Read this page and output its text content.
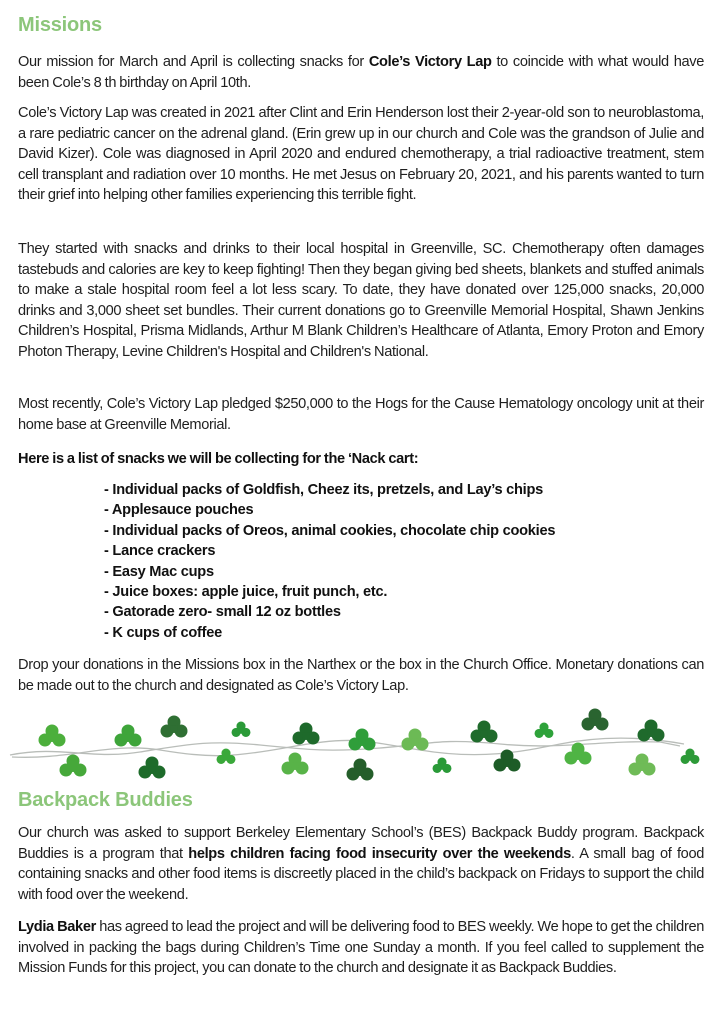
Missions

Our mission for March and April is collecting snacks for Cole’s Victory Lap to coincide with what would have been Cole’s 8 th birthday on April 10th.

Cole’s Victory Lap was created in 2021 after Clint and Erin Henderson lost their 2-year-old son to neuroblastoma, a rare pediatric cancer on the adrenal gland. (Erin grew up in our church and Cole was the grandson of Julie and David Kizer). Cole was diagnosed in April 2020 and endured chemotherapy, a trial radioactive treatment, stem cell transplant and radiation over 10 months. He met Jesus on February 20, 2021, and his parents wanted to turn their grief into helping other families experiencing this terrible fight.

They started with snacks and drinks to their local hospital in Greenville, SC. Chemotherapy often damages tastebuds and calories are key to keep fighting! Then they began giving bed sheets, blankets and stuffed animals to make a stale hospital room feel a lot less scary. To date, they have donated over 125,000 snacks, 20,000 drinks and 3,000 sheet set bundles. Their current donations go to Greenville Memorial Hospital, Shawn Jenkins Children’s Hospital, Prisma Midlands, Arthur M Blank Children’s Healthcare of Atlanta, Emory Proton and Emory Photon Therapy, Levine Children's Hospital and Children's National.

Most recently, Cole’s Victory Lap pledged $250,000 to the Hogs for the Cause Hematology oncology unit at their home base at Greenville Memorial.

Here is a list of snacks we will be collecting for the ‘Nack cart:

- Individual packs of Goldfish, Cheez its, pretzels, and Lay’s chips
- Applesauce pouches
- Individual packs of Oreos, animal cookies, chocolate chip cookies
- Lance crackers
- Easy Mac cups
- Juice boxes: apple juice, fruit punch, etc.
- Gatorade zero- small 12 oz bottles
- K cups of coffee

Drop your donations in the Missions box in the Narthex or the box in the Church Office. Monetary donations can be made out to the church and designated as Cole’s Victory Lap.

Backpack Buddies

Our church was asked to support Berkeley Elementary School’s (BES) Backpack Buddy program. Backpack Buddies is a program that helps children facing food insecurity over the weekends. A small bag of food containing snacks and other food items is discreetly placed in the child’s backpack on Fridays to support the child with food over the weekend.

Lydia Baker has agreed to lead the project and will be delivering food to BES weekly. We hope to get the children involved in packing the bags during Children’s Time one Sunday a month. If you feel called to supplement the Mission Funds for this project, you can donate to the church and designate it as Backpack Buddies.
